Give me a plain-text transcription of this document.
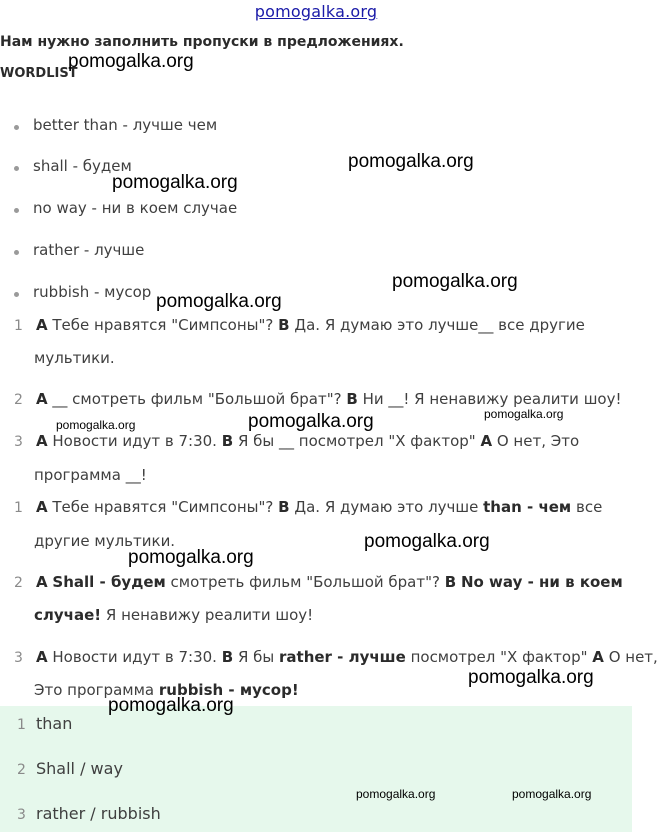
pomogalka.org
Нам нужно заполнить пропуски в предложениях.
WORDLIST
better than - лучше чем
shall - будем
no way - ни в коем случае
rather - лучше
rubbish - мусор
1 A Тебе нравятся "Симпсоны"? B Да. Я думаю это лучше__ все другие
мультики.
2 A __ смотреть фильм "Большой брат"? B Ни __! Я ненавижу реалити шоу!
3 A Новости идут в 7:30. B Я бы __ посмотрел "Х фактор" A О нет, Это
программа __!
1 A Тебе нравятся "Симпсоны"? B Да. Я думаю это лучше than - чем все
другие мультики.
2 A Shall - будем смотреть фильм "Большой брат"? B No way - ни в коем
случае! Я ненавижу реалити шоу!
3 A Новости идут в 7:30. B Я бы rather - лучше посмотрел "Х фактор" A О нет,
Это программа rubbish - мусор!
1 than
2 Shall / way
3 rather / rubbish
pomogalka.org
pomogalka.org
pomogalka.org
pomogalka.org
pomogalka.org
pomogalka.org
pomogalka.org
pomogalka.org
pomogalka.org
pomogalka.org
pomogalka.org
pomogalka.org
pomogalka.org	pomogalka.org
